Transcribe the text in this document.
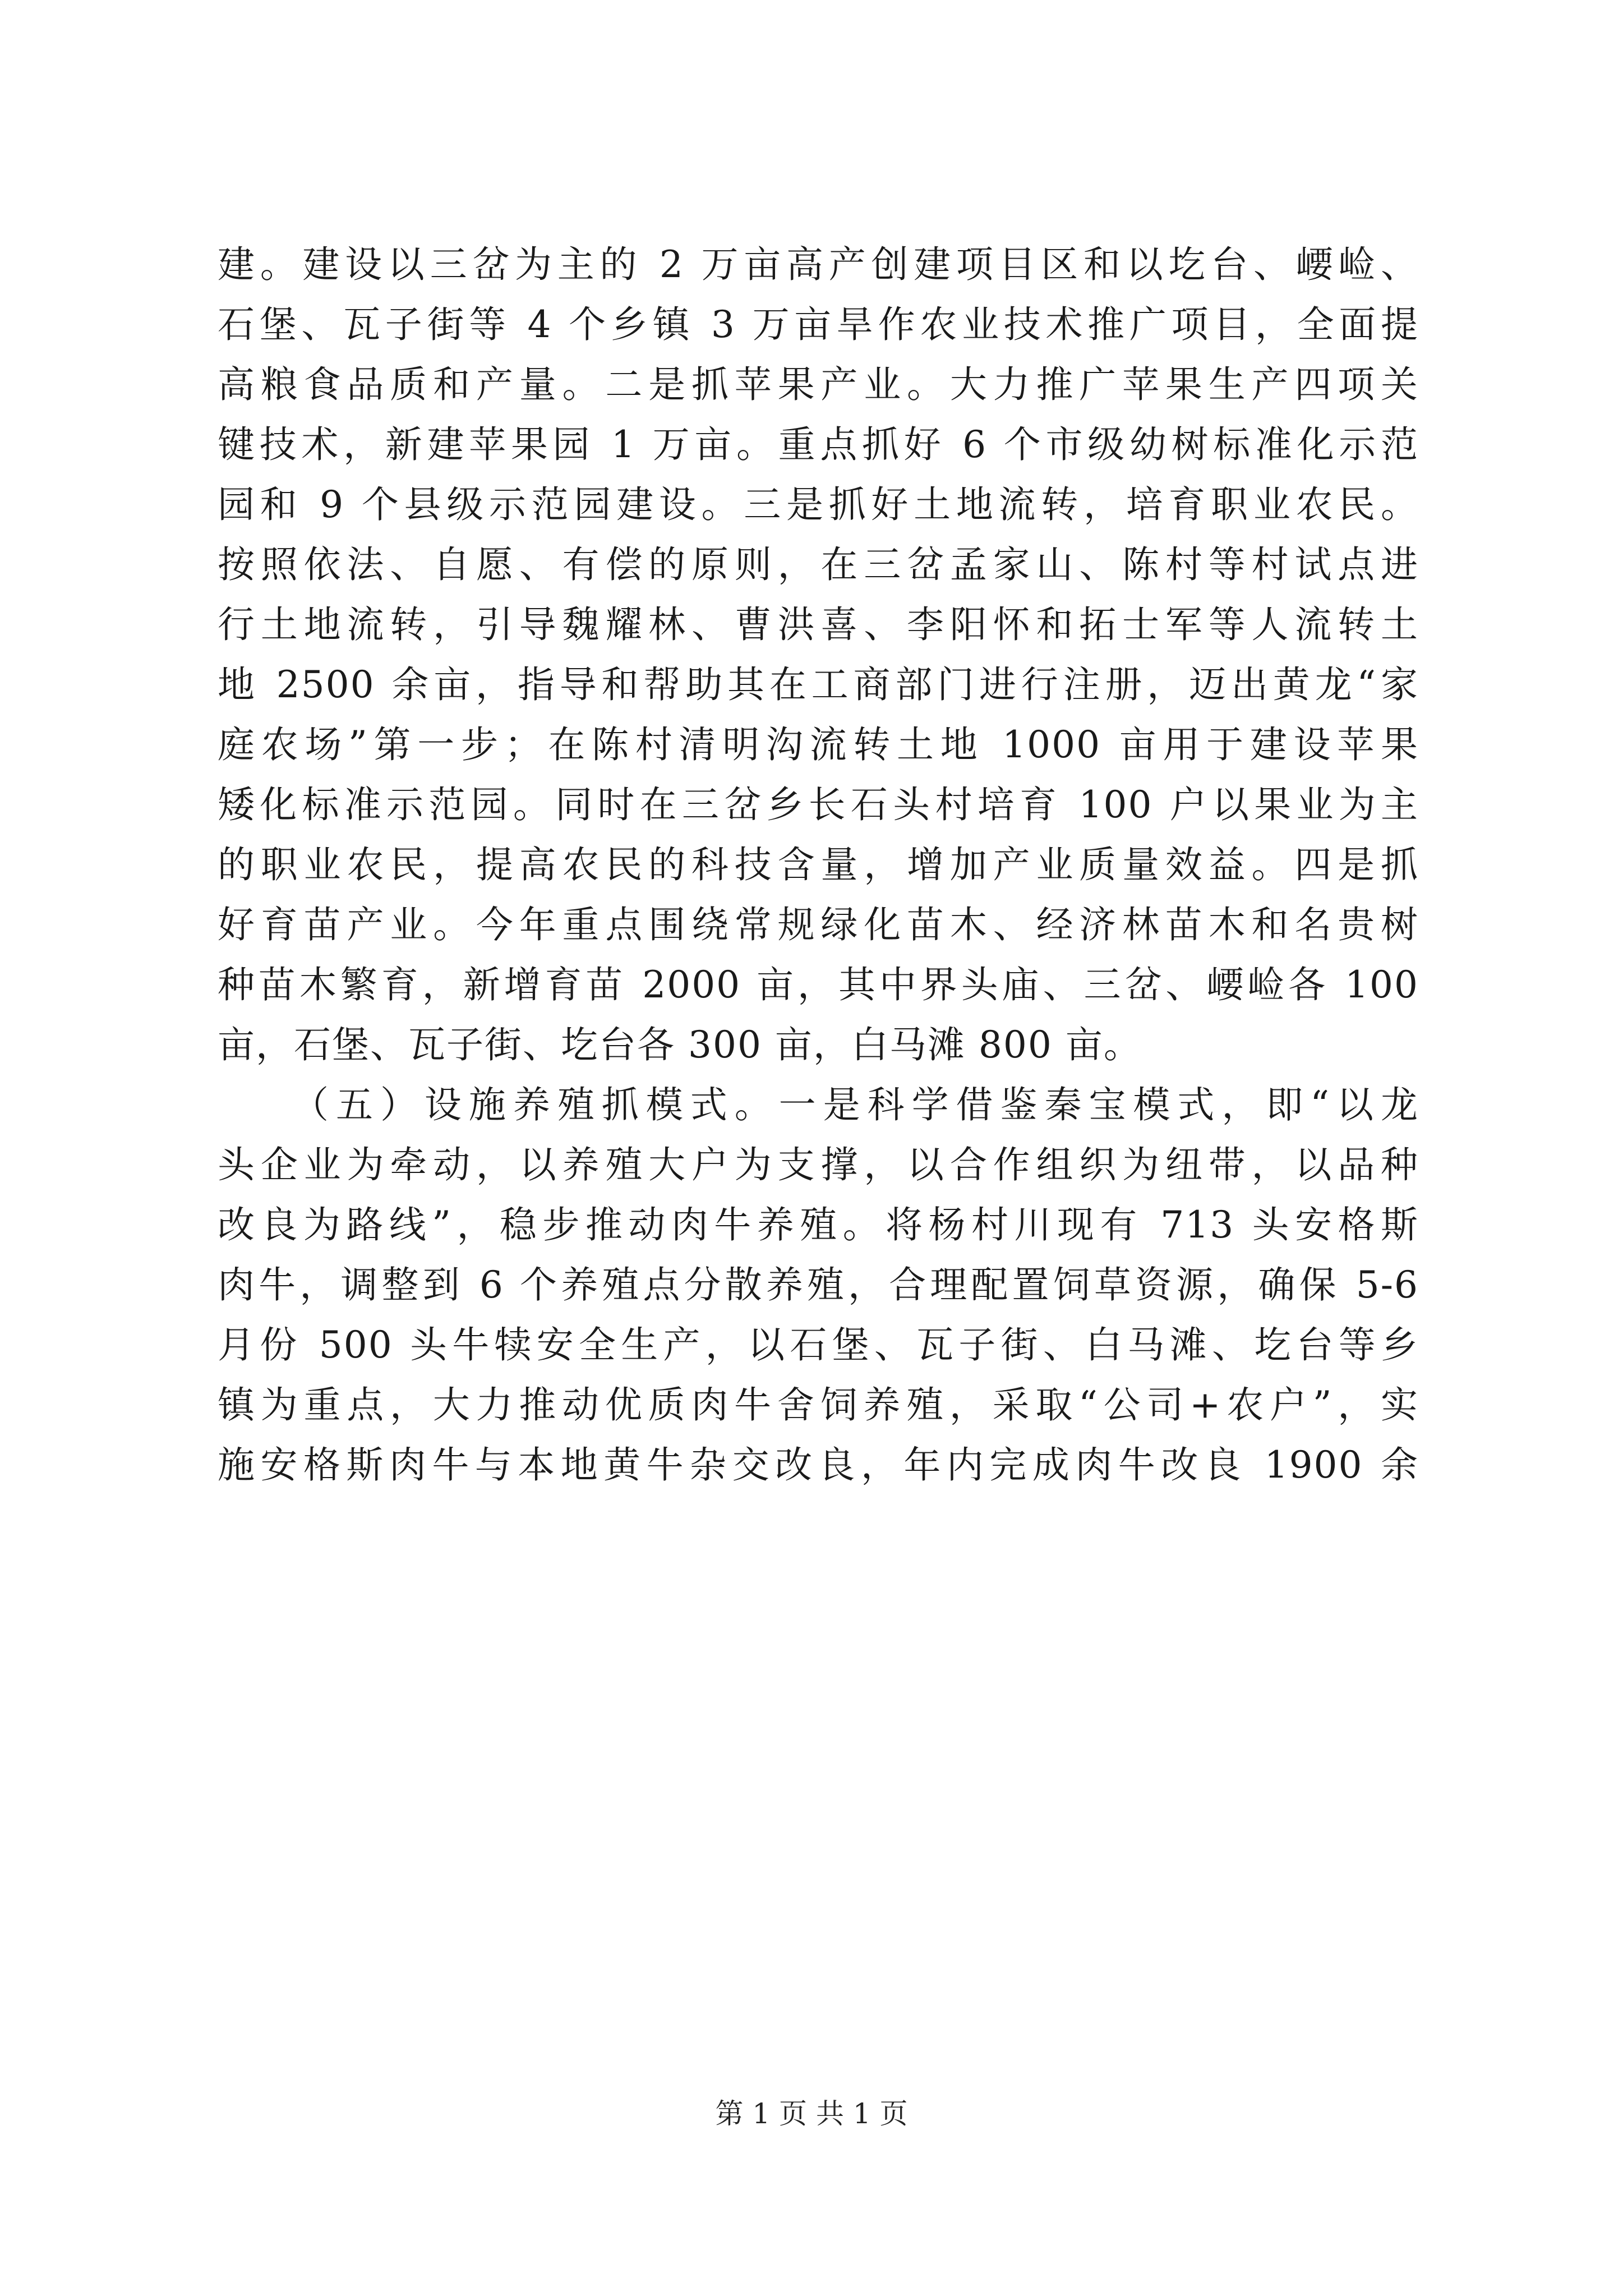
建。建设以三岔为主的 2 万亩高产创建项目区和以圪台、崾崄、
石堡、瓦子街等 4 个乡镇 3 万亩旱作农业技术推广项目，全面提
高粮食品质和产量。二是抓苹果产业。大力推广苹果生产四项关
键技术，新建苹果园 1 万亩。重点抓好 6 个市级幼树标准化示范
园和 9 个县级示范园建设。三是抓好土地流转，培育职业农民。
按照依法、自愿、有偿的原则，在三岔孟家山、陈村等村试点进
行土地流转，引导魏耀林、曹洪喜、李阳怀和拓士军等人流转土
地 2500 余亩，指导和帮助其在工商部门进行注册，迈出黄龙“家
庭农场”第一步；在陈村清明沟流转土地 1000 亩用于建设苹果
矮化标准示范园。同时在三岔乡长石头村培育 100 户以果业为主
的职业农民，提高农民的科技含量，增加产业质量效益。四是抓
好育苗产业。今年重点围绕常规绿化苗木、经济林苗木和名贵树
种苗木繁育，新增育苗 2000 亩，其中界头庙、三岔、崾崄各 100
亩，石堡、瓦子街、圪台各 300 亩，白马滩 800 亩。
（五）设施养殖抓模式。一是科学借鉴秦宝模式，即“以龙
头企业为牵动，以养殖大户为支撑，以合作组织为纽带，以品种
改良为路线”，稳步推动肉牛养殖。将杨村川现有 713 头安格斯
肉牛，调整到 6 个养殖点分散养殖，合理配置饲草资源，确保 5-6
月份 500 头牛犊安全生产，以石堡、瓦子街、白马滩、圪台等乡
镇为重点，大力推动优质肉牛舍饲养殖，采取“公司+农户”，实
施安格斯肉牛与本地黄牛杂交改良，年内完成肉牛改良 1900 余
第 1 页 共 1 页
